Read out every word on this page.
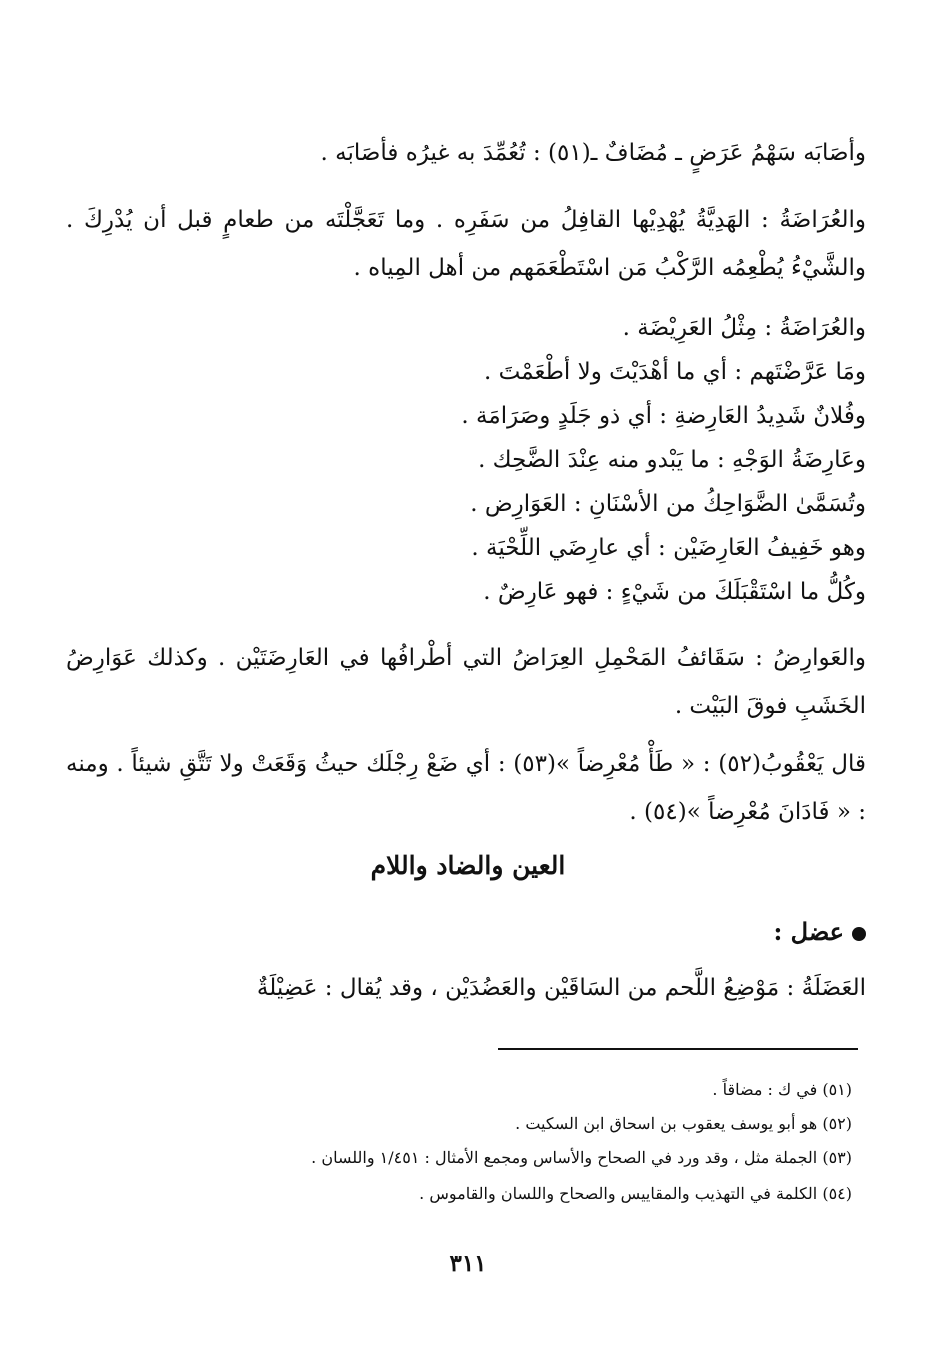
وأصَابَه سَهْمُ عَرَضٍ ـ مُضَافٌ ـ(٥١) : تُعُمِّدَ به غيرُه فأصَابَه .
والعُرَاضَةُ : الهَدِيَّةُ يُهْدِيْها القافِلُ من سَفَرِه . وما تَعَجَّلْتَه من طعامٍ قبل أن يُدْرِكَ . والشَّيْءُ يُطْعِمُه الرَّكْبُ مَن اسْتَطْعَمَهم من أهل المِياه .
والعُرَاضَةُ : مِثْلُ العَرِيْضَة .
ومَا عَرَّضْتَهم : أي ما أهْدَيْتَ ولا أطْعَمْتَ .
وفُلانٌ شَدِيدُ العَارِضةِ : أي ذو جَلَدٍ وصَرَامَة .
وعَارِضَةُ الوَجْهِ : ما يَبْدو منه عِنْدَ الضَّحِك .
وتُسَمَّىٰ الضَّوَاحِكُ من الأسْنَانِ : العَوَارِض .
وهو خَفِيفُ العَارِضَيْن : أي عارِضَي اللِّحْيَة .
وكُلُّ ما اسْتَقْبَلَكَ من شَيْءٍ : فهو عَارِضٌ .
والعَوارِضُ : سَقَائفُ المَحْمِلِ العِرَاضُ التي أطْرافُها في العَارِضَتَيْن . وكذلك عَوَارِضُ الخَشَبِ فوقَ البَيْت .
قال يَعْقُوبُ(٥٢) : « طَأْ مُعْرِضاً »(٥٣) : أي ضَعْ رِجْلَك حيثُ وَقَعَتْ ولا تَتَّقِ شيئاً . ومنه : « فَادَانَ مُعْرِضاً »(٥٤) .
العين والضاد واللام
عضل :
العَضَلَةُ : مَوْضِعُ اللَّحم من السَاقَيْن والعَضُدَيْن ، وقد يُقال : عَضِيْلَةٌ
(٥١) في ك : مضاقاً .
(٥٢) هو أبو يوسف يعقوب بن اسحاق ابن السكيت .
(٥٣) الجملة مثل ، وقد ورد في الصحاح والأساس ومجمع الأمثال : ١/٤٥١ واللسان .
(٥٤) الكلمة في التهذيب والمقاييس والصحاح واللسان والقاموس .
٣١١
